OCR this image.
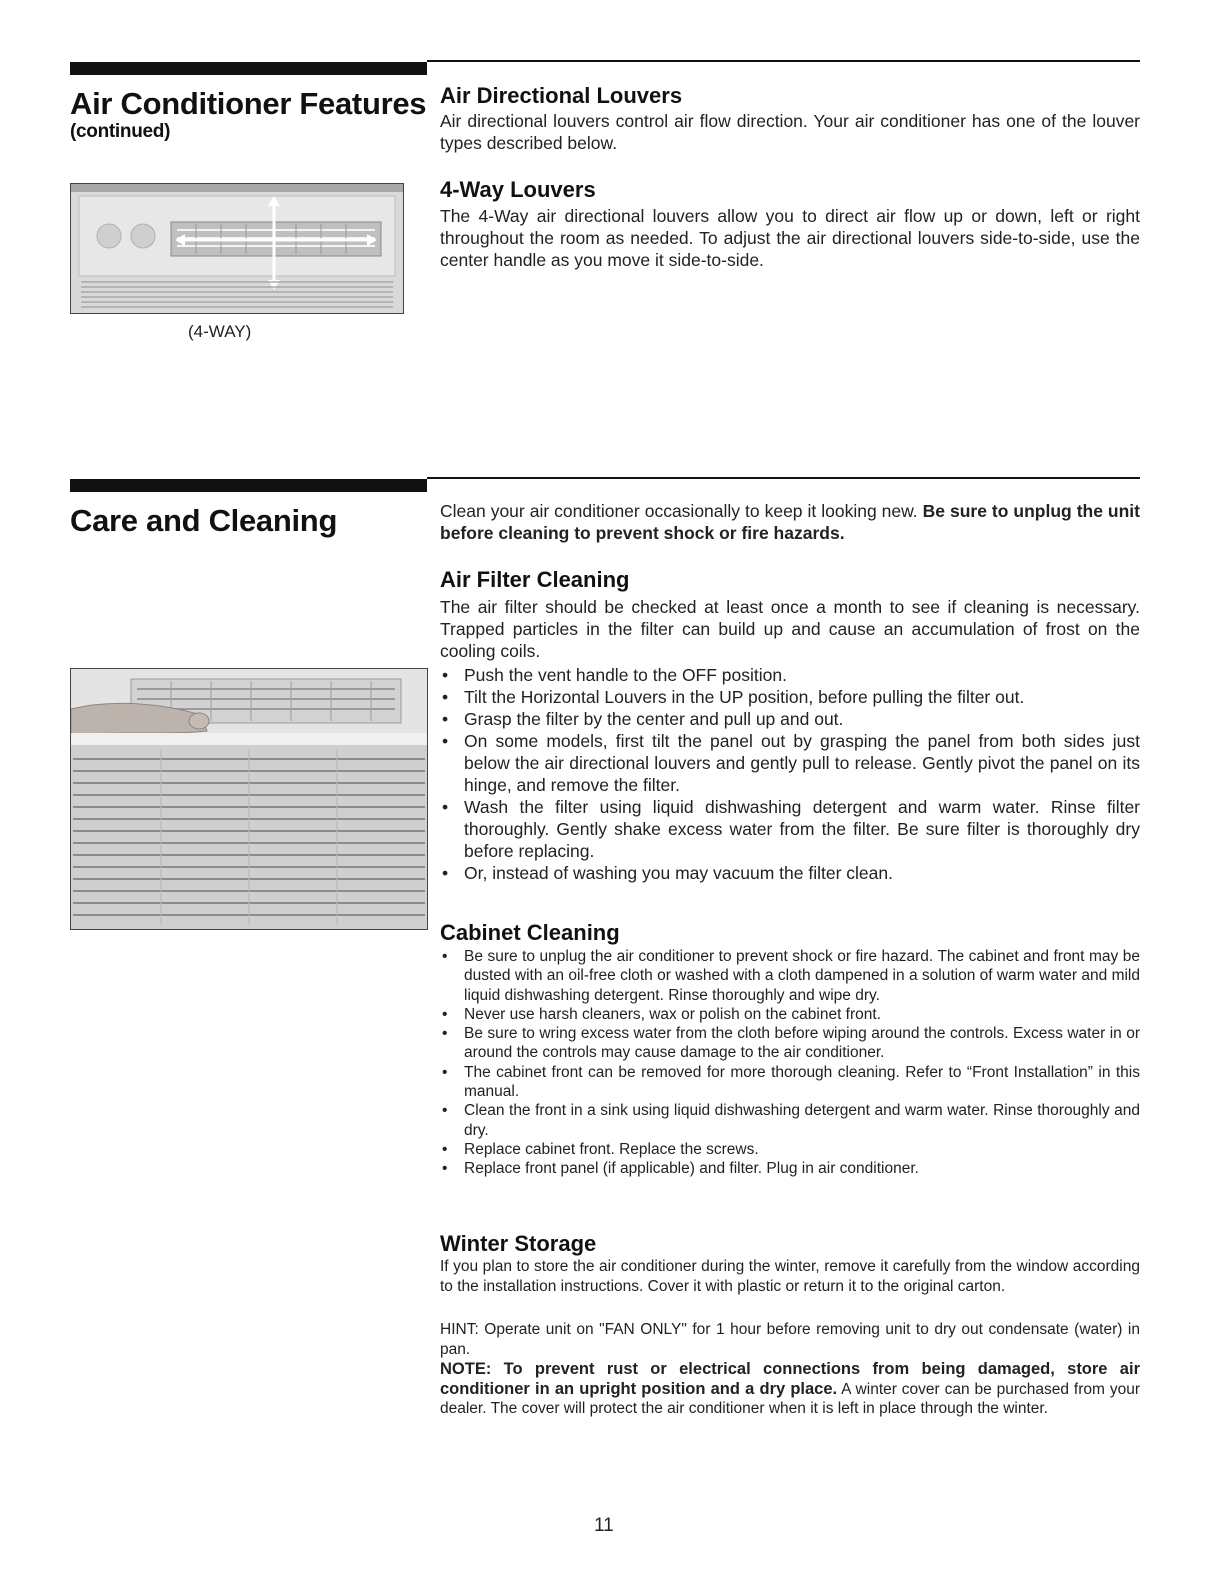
Air Conditioner Features
(continued)
Air Directional Louvers

Air directional louvers control air flow direction. Your air conditioner has one of the louver types described below.

4-Way Louvers

The 4-Way air directional louvers allow you to direct air flow up or down, left or right throughout the room as needed. To adjust the air directional louvers side-to-side, use the center handle as you move it side-to-side.

(4-WAY)
Care and Cleaning	Clean your air conditioner occasionally to keep it looking new. Be sure to unplug the unit before cleaning to prevent shock or fire hazards.

Air Filter Cleaning

The air filter should be checked at least once a month to see if cleaning is necessary. Trapped particles in the filter can build up and cause an accumulation of frost on the cooling coils.

• Push the vent handle to the OFF position.
• Tilt the Horizontal Louvers in the UP position, before pulling the filter out.
• Grasp the filter by the center and pull up and out.
• On some models, first tilt the panel out by grasping the panel from both sides just below the air directional louvers and gently pull to release. Gently pivot the panel on its hinge, and remove the filter.
• Wash the filter using liquid dishwashing detergent and warm water. Rinse filter thoroughly. Gently shake excess water from the filter. Be sure filter is thoroughly dry before replacing.
• Or, instead of washing you may vacuum the filter clean.
Cabinet Cleaning
• Be sure to unplug the air conditioner to prevent shock or fire hazard. The cabinet and front may be dusted with an oil-free cloth or washed with a cloth dampened in a solution of warm water and mild liquid dishwashing detergent. Rinse thoroughly and wipe dry.
• Never use harsh cleaners, wax or polish on the cabinet front.
• Be sure to wring excess water from the cloth before wiping around the controls. Excess water in or around the controls may cause damage to the air conditioner.
• The cabinet front can be removed for more thorough cleaning. Refer to “Front Installation” in this manual.
• Clean the front in a sink using liquid dishwashing detergent and warm water. Rinse thoroughly and dry.
• Replace cabinet front. Replace the screws.
• Replace front panel (if applicable) and filter. Plug in air conditioner.
Winter Storage

If you plan to store the air conditioner during the winter, remove it carefully from the window according to the installation instructions. Cover it with plastic or return it to the original carton.

HINT: Operate unit on "FAN ONLY" for 1 hour before removing unit to dry out condensate (water) in pan.

NOTE: To prevent rust or electrical connections from being damaged, store air conditioner in an upright position and a dry place. A winter cover can be purchased from your dealer. The cover will protect the air conditioner when it is left in place through the winter.

11
